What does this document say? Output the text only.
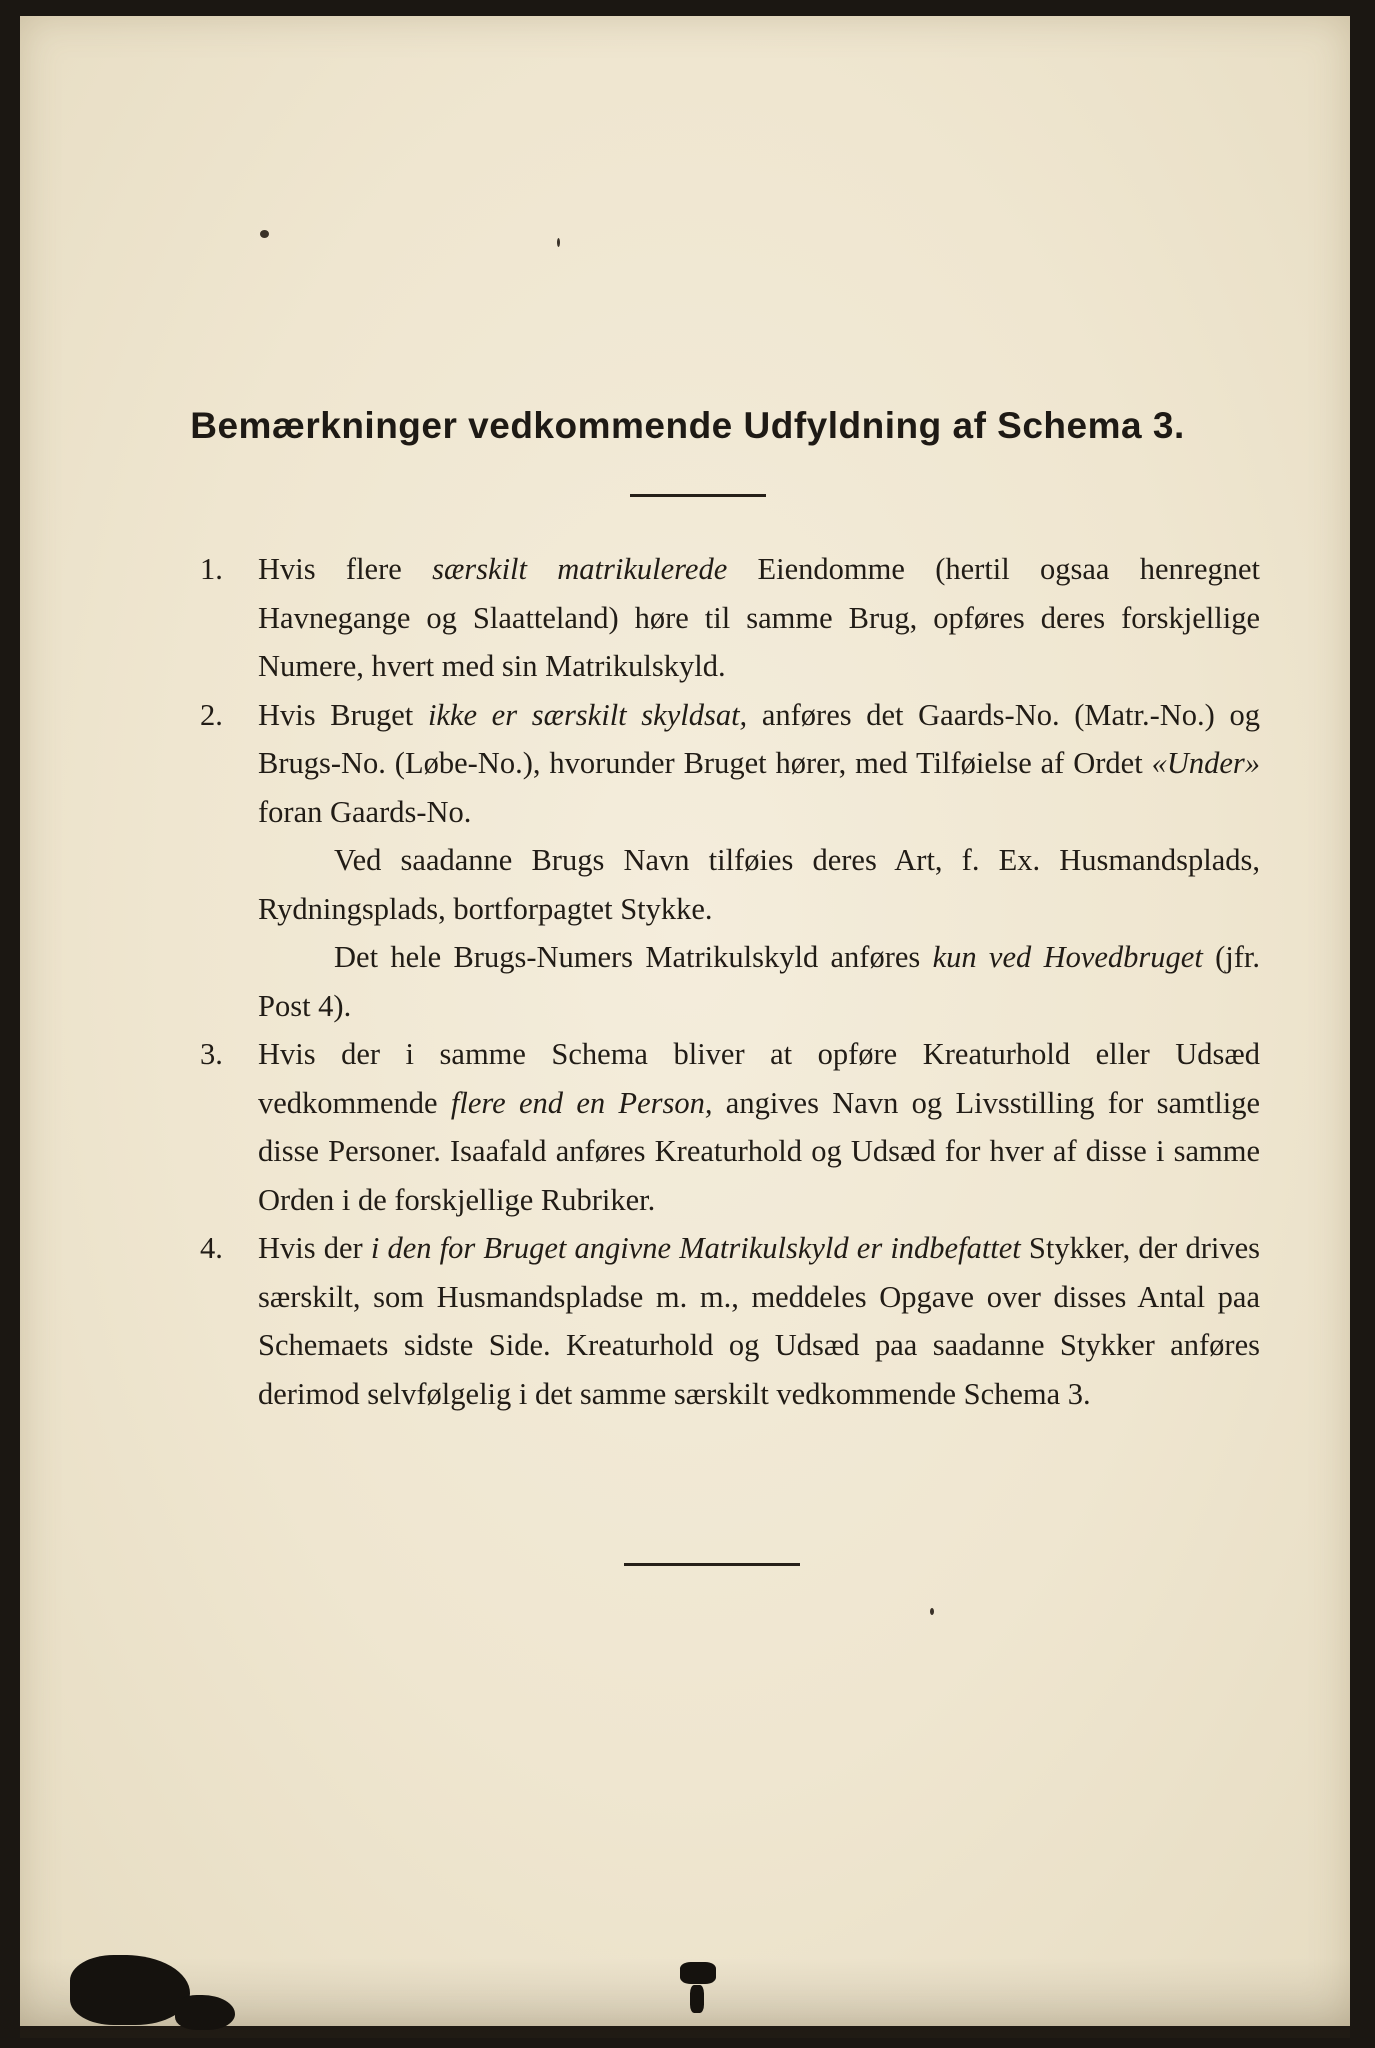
Bemærkninger vedkommende Udfyldning af Schema 3.
1. Hvis flere særskilt matrikulerede Eiendomme (hertil ogsaa henregnet Havnegange og Slaatteland) høre til samme Brug, opføres deres forskjellige Numere, hvert med sin Matrikulskyld.
2. Hvis Bruget ikke er særskilt skyldsat, anføres det Gaards-No. (Matr.-No.) og Brugs-No. (Løbe-No.), hvorunder Bruget hører, med Tilføielse af Ordet «Under» foran Gaards-No.
Ved saadanne Brugs Navn tilføies deres Art, f. Ex. Husmandsplads, Rydningsplads, bortforpagtet Stykke.
Det hele Brugs-Numers Matrikulskyld anføres kun ved Hovedbruget (jfr. Post 4).
3. Hvis der i samme Schema bliver at opføre Kreaturhold eller Udsæd vedkommende flere end en Person, angives Navn og Livsstilling for samtlige disse Personer. Isaafald anføres Kreaturhold og Udsæd for hver af disse i samme Orden i de forskjellige Rubriker.
4. Hvis der i den for Bruget angivne Matrikulskyld er indbefattet Stykker, der drives særskilt, som Husmandspladse m. m., meddeles Opgave over disses Antal paa Schemaets sidste Side. Kreaturhold og Udsæd paa saadanne Stykker anføres derimod selvfølgelig i det samme særskilt vedkommende Schema 3.
